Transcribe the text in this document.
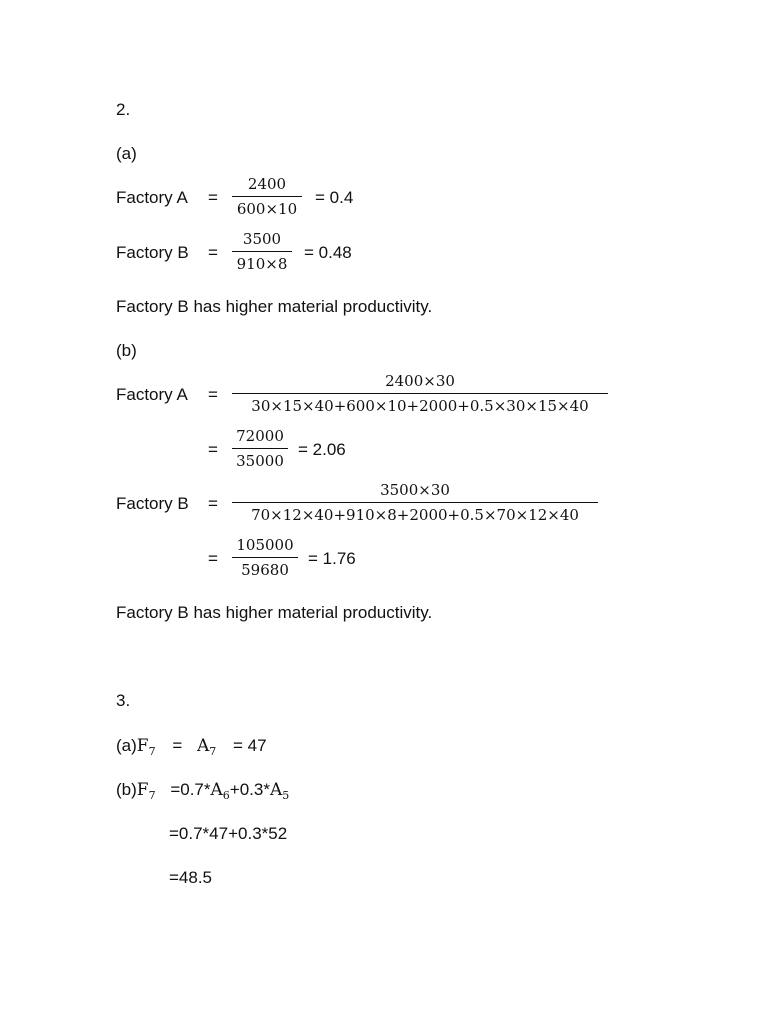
2.
(a)
Factory A =
2400
600×10
= 0.4
Factory B =
3500
910×8
= 0.48
Factory B has higher material productivity.
(b)
Factory A =
2400×30
30×15×40+600×10+2000+0.5×30×15×40
=
72000
35000
= 2.06
Factory B =
3500×30
70×12×40+910×8+2000+0.5×70×12×40
=
105000
59680
= 1.76
Factory B has higher material productivity.
3.
$(a)F_7 = A_7 = 47$
$(b)F_7 =0.7*A_6+0.3*A_5$
=0.7*47+0.3*52
=48.5
